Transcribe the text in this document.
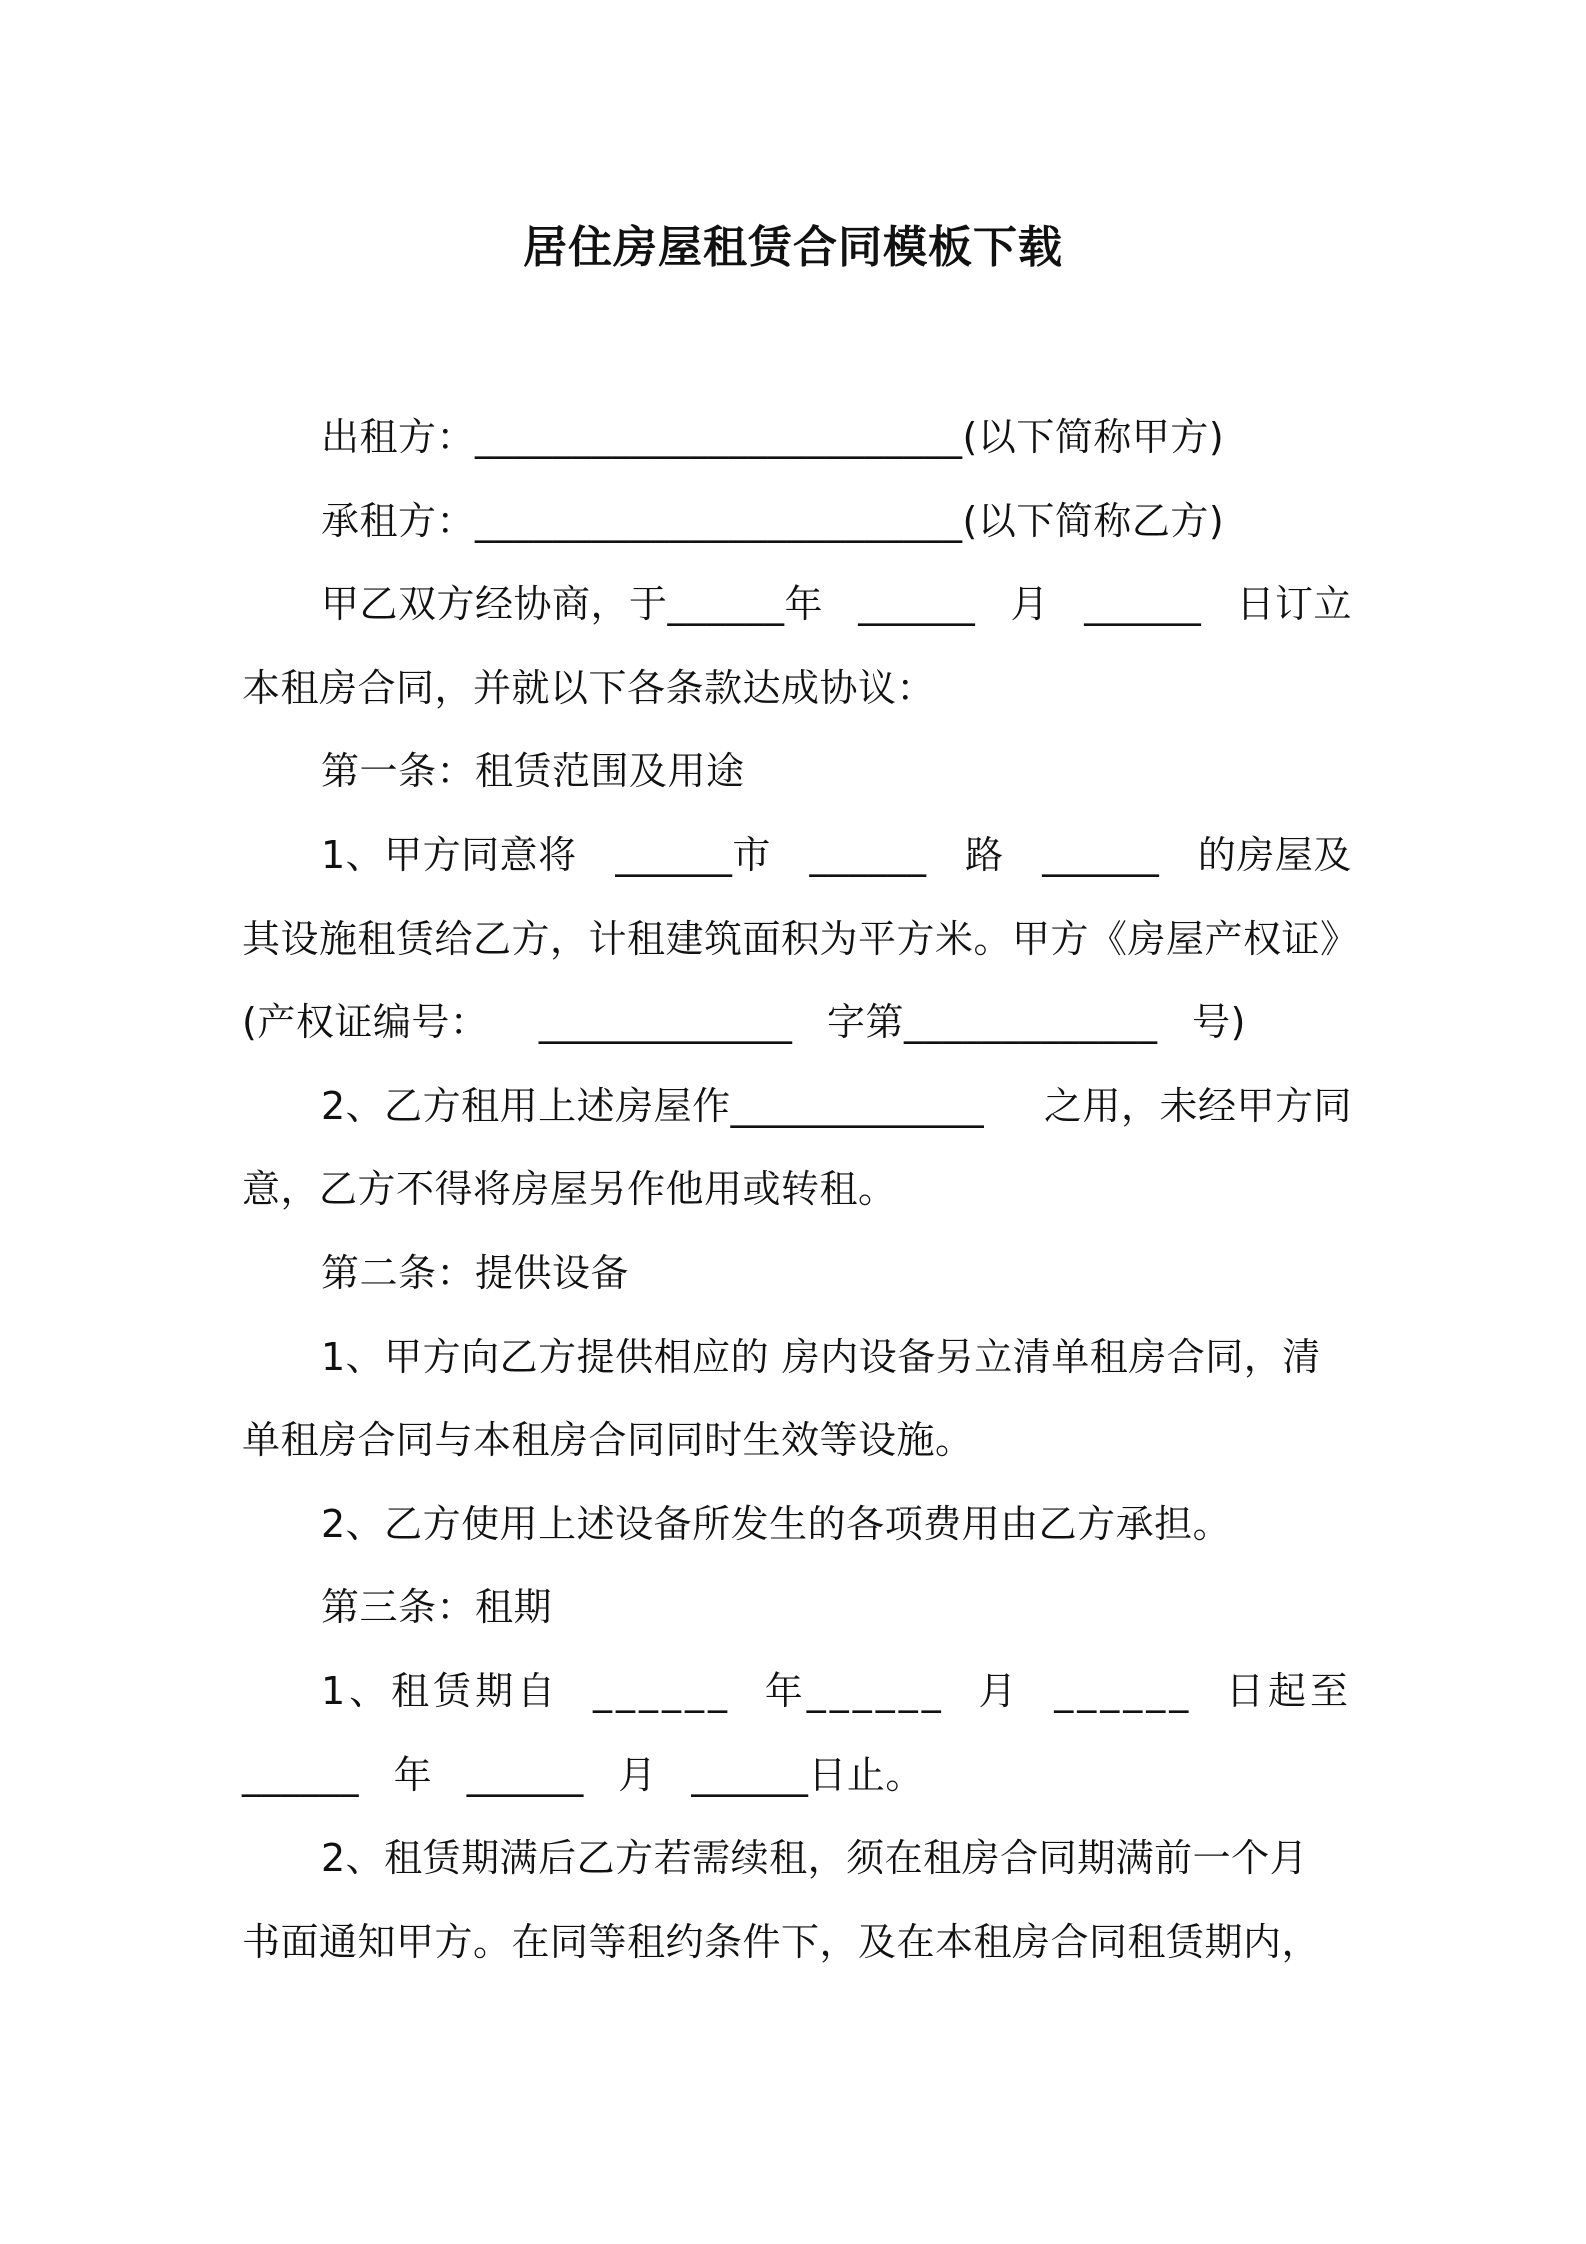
居住房屋租赁合同模板下载
出租方：_________________________(以下简称甲方)
承租方：_________________________(以下简称乙方)
甲乙双方经协商，于______年 ______ 月 ______ 日订立
本租房合同，并就以下各条款达成协议：
第一条：租赁范围及用途
1、甲方同意将 ______市 ______ 路 ______ 的房屋及
其设施租赁给乙方，计租建筑面积为平方米。甲方《房屋产权证》
(产权证编号： _____________ 字第_____________ 号)
2、乙方租用上述房屋作_____________ 之用，未经甲方同
意，乙方不得将房屋另作他用或转租。
第二条：提供设备
1、甲方向乙方提供相应的 房内设备另立清单租房合同，清
单租房合同与本租房合同同时生效等设施。
2、乙方使用上述设备所发生的各项费用由乙方承担。
第三条：租期
1、租赁期自 ______ 年______ 月 ______ 日起至
______ 年 ______ 月 ______日止。
2、租赁期满后乙方若需续租，须在租房合同期满前一个月
书面通知甲方。在同等租约条件下，及在本租房合同租赁期内，
